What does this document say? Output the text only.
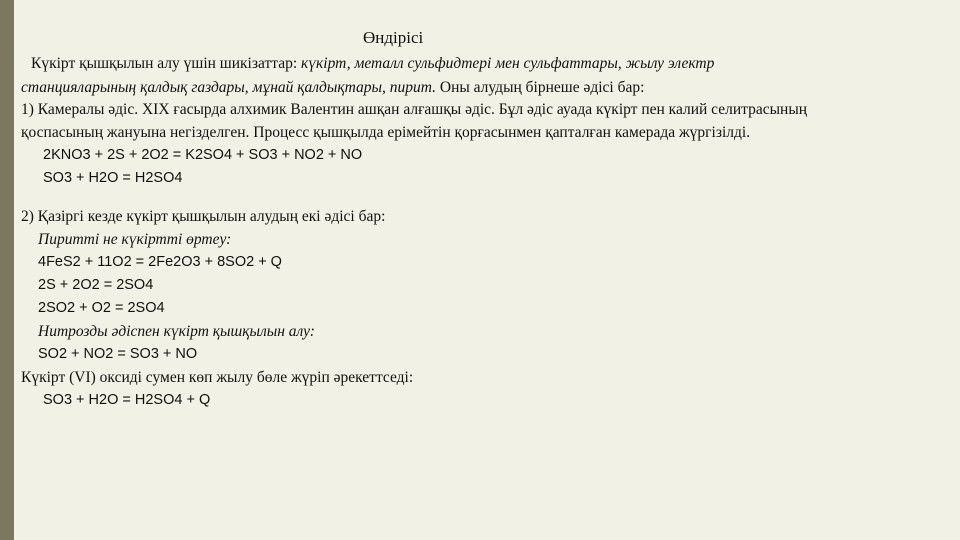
Өндірісі
Күкірт қышқылын алу үшін шикізаттар: күкірт, металл сульфидтері мен сульфаттары, жылу электр
станцияларының қалдық газдары, мұнай қалдықтары, пирит. Оны алудың бірнеше әдісі бар:
1) Камералы әдіс. XIX ғасырда алхимик Валентин ашқан алғашқы әдіс. Бұл әдіс ауада күкірт пен калий селитрасының
қоспасының жануына негізделген. Процесс қышқылда ерімейтін қорғасынмен қапталған камерада жүргізілді.
2KNO3 + 2S + 2O2 = K2SO4 + SO3 + NO2 + NO
SO3 + H2O = H2SO4
2) Қазіргі кезде күкірт қышқылын алудың екі әдісі бар:
Пиритті не күкіртті өртеу:
4FeS2 + 11O2 = 2Fe2O3 + 8SO2 + Q
2S + 2O2 = 2SO4
2SO2 + O2 = 2SO4
Нитрозды әдіспен күкірт қышқылын алу:
SO2 + NO2 = SO3 + NO
Күкірт (VI) оксиді сумен көп жылу бөле жүріп әрекеттседі:
SO3 + H2O = H2SO4 + Q
